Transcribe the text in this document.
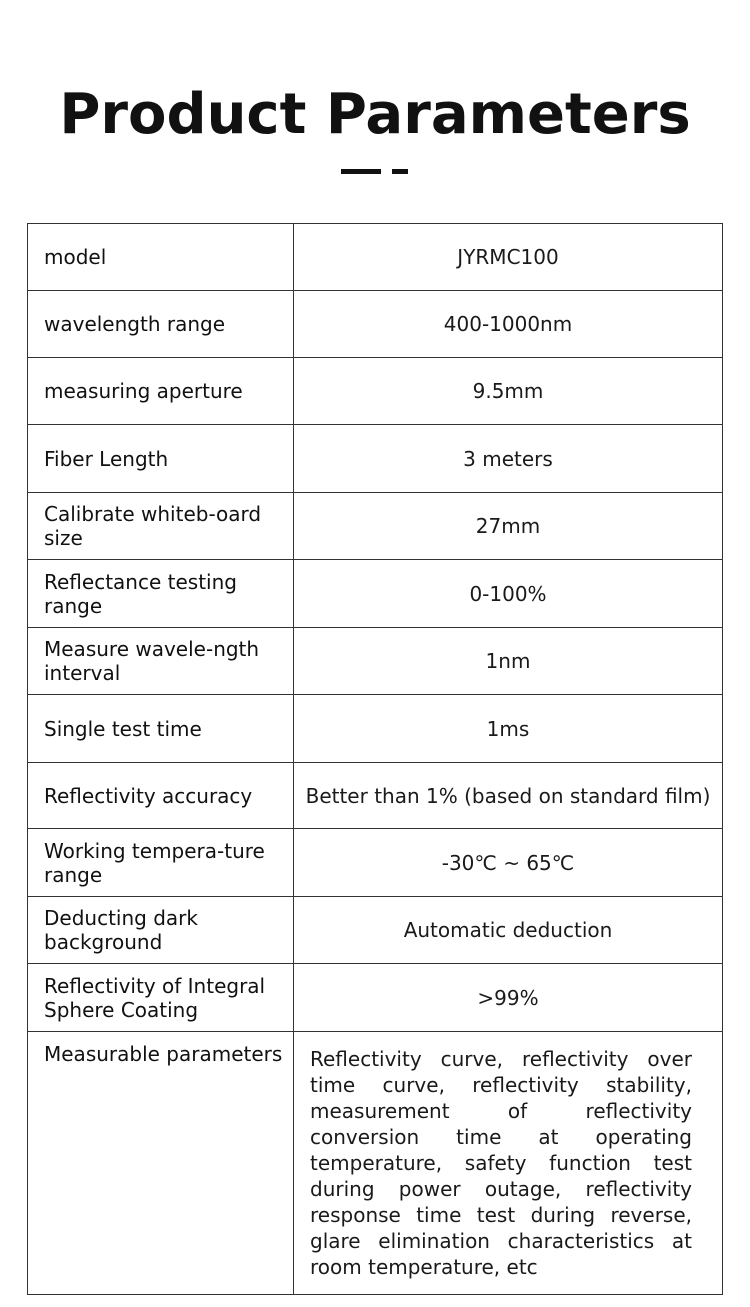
Product Parameters
model	JYRMC100
wavelength range	400-1000nm
measuring aperture	9.5mm
Fiber Length	3 meters
Calibrate whiteb-oard size	27mm
Reflectance testing range	0-100%
Measure wavele-ngth interval	1nm
Single test time	1ms
Reflectivity accuracy	Better than 1% (based on standard film)
Working tempera-ture range	-30℃ ~ 65℃
Deducting dark background	Automatic deduction
Reflectivity of Integral Sphere Coating	>99%
Measurable parameters	Reflectivity curve, reflectivity over time curve, reflectivity stability, measurement of reflectivity conversion time at operating temperature, safety function test during power outage, reflectivity response time test during reverse, glare elimination characteristics at room temperature, etc
